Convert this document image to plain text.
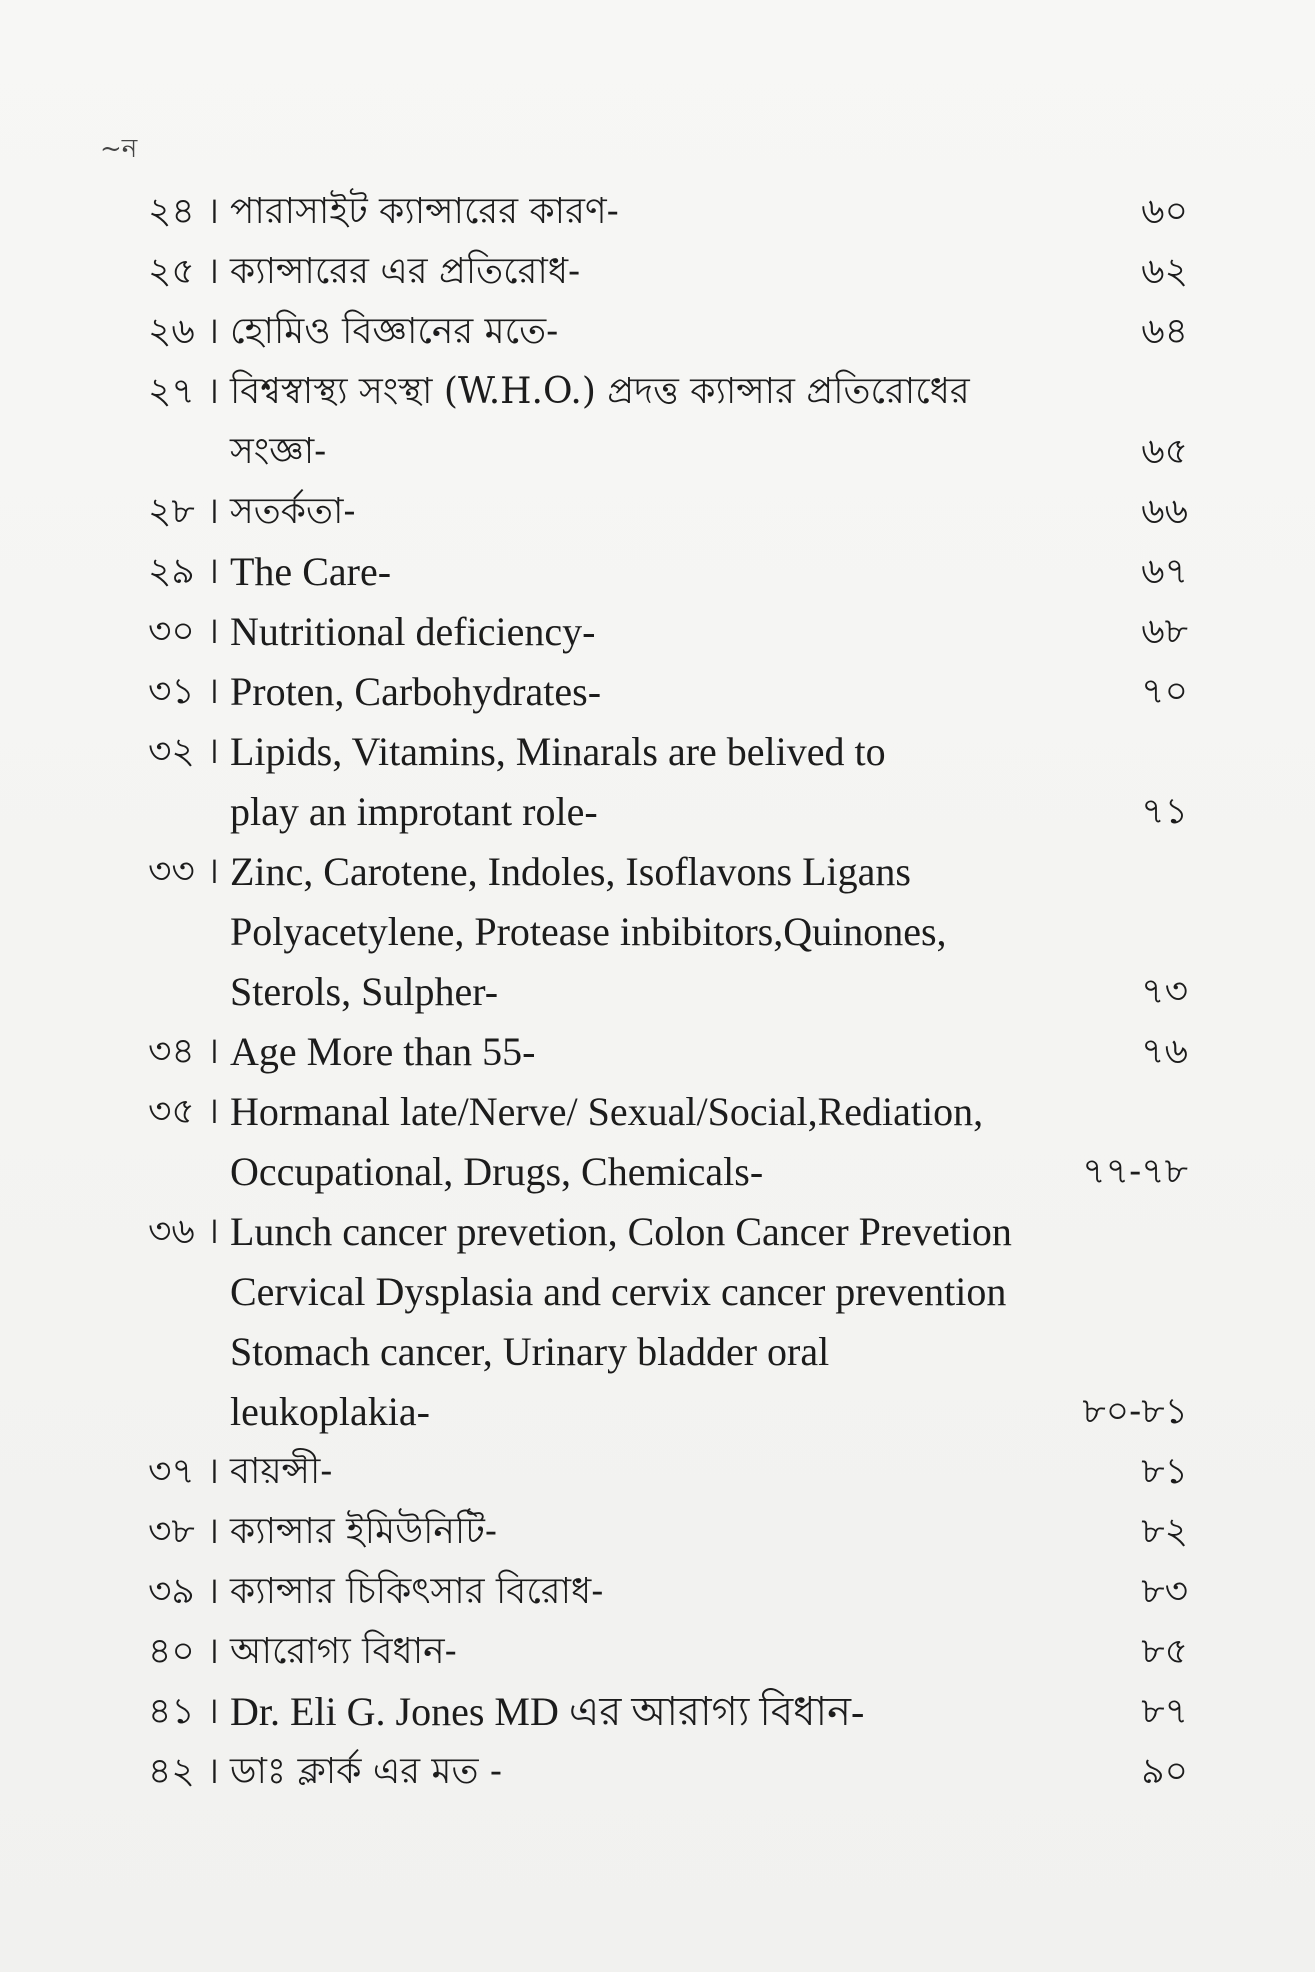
~ন
২৪ । পারাসাইট ক্যান্সারের কারণ-	৬০
২৫ । ক্যান্সারের এর প্রতিরোধ-	৬২
২৬ । হোমিও বিজ্ঞানের মতে-	৬৪
২৭ । বিশ্বস্বাস্থ্য সংস্থা (W.H.O.) প্রদত্ত ক্যান্সার প্রতিরোধের
সংজ্ঞা-	৬৫
২৮ । সতর্কতা-	৬৬
২৯ । The Care-	৬৭
৩০ । Nutritional deficiency-	৬৮
৩১ । Proten, Carbohydrates-	৭০
৩২ । Lipids, Vitamins, Minarals are belived to
play an improtant role-	৭১
৩৩ । Zinc, Carotene, Indoles, Isoflavons Ligans
Polyacetylene, Protease inbibitors,Quinones,
Sterols, Sulpher-	৭৩
৩৪ । Age More than 55-	৭৬
৩৫ । Hormanal late/Nerve/ Sexual/Social,Rediation,
Occupational, Drugs, Chemicals-	৭৭-৭৮
৩৬ । Lunch cancer prevetion, Colon Cancer Prevetion
Cervical Dysplasia and cervix cancer prevention
Stomach cancer, Urinary bladder oral
leukoplakia-	৮০-৮১
৩৭ । বায়ন্সী-	৮১
৩৮ । ক্যান্সার ইমিউনিটি-	৮২
৩৯ । ক্যান্সার চিকিৎসার বিরোধ-	৮৩
৪০ । আরোগ্য বিধান-	৮৫
৪১ । Dr. Eli G. Jones MD এর আরাগ্য বিধান-	৮৭
৪২ । ডাঃ ক্লার্ক এর মত -	৯০
